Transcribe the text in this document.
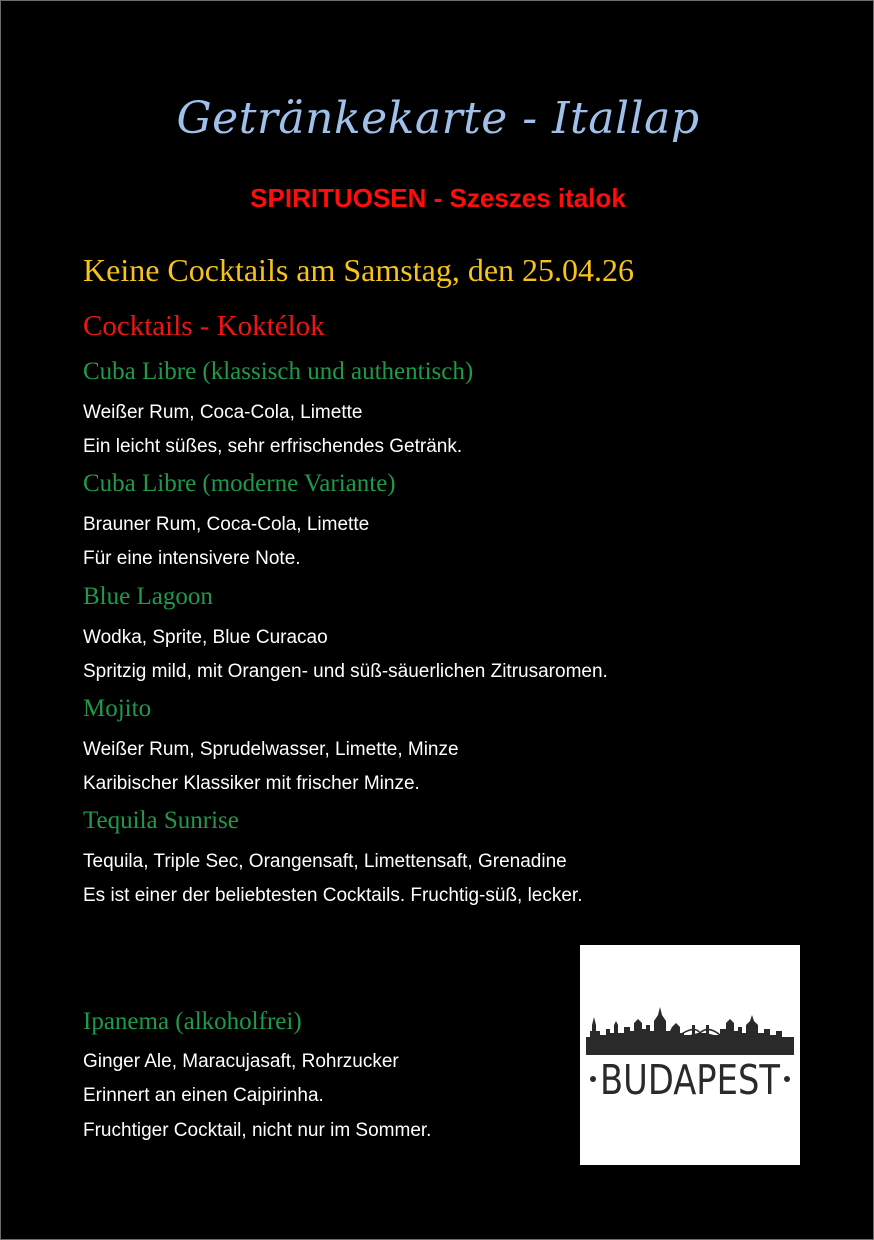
Getränkekarte - Itallap
SPIRITUOSEN - Szeszes italok
Keine Cocktails am Samstag, den 25.04.26
Cocktails - Koktélok
Cuba Libre (klassisch und authentisch)
Weißer Rum, Coca-Cola, Limette
Ein leicht süßes, sehr erfrischendes Getränk.
Cuba Libre (moderne Variante)
Brauner Rum, Coca-Cola, Limette
Für eine intensivere Note.
Blue Lagoon
Wodka, Sprite, Blue Curacao
Spritzig mild, mit Orangen- und süß-säuerlichen Zitrusaromen.
Mojito
Weißer Rum, Sprudelwasser, Limette, Minze
Karibischer Klassiker mit frischer Minze.
Tequila Sunrise
Tequila, Triple Sec, Orangensaft, Limettensaft, Grenadine
Es ist einer der beliebtesten Cocktails. Fruchtig-süß, lecker.
Ipanema (alkoholfrei)
Ginger Ale, Maracujasaft, Rohrzucker
Erinnert an einen Caipirinha.
Fruchtiger Cocktail, nicht nur im Sommer.
BUDAPEST
